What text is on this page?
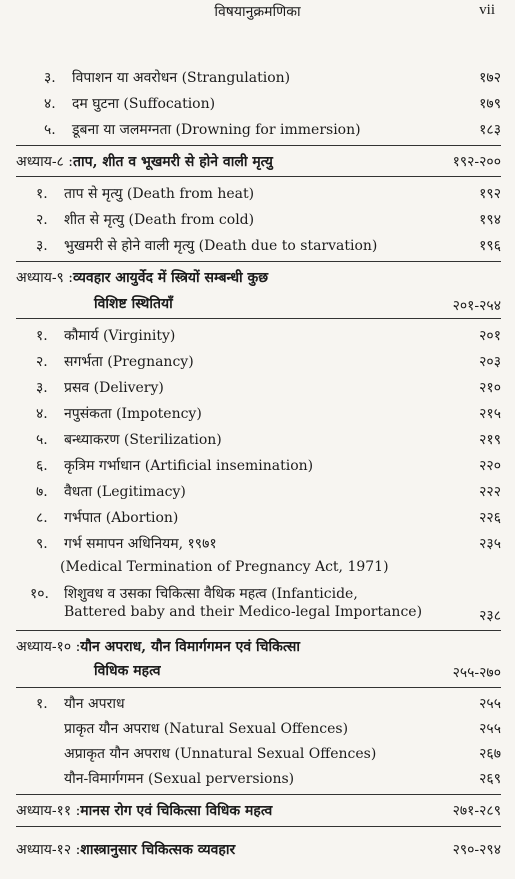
विषयानुक्रमणिका	vii
३.	विपाशन या अवरोधन (Strangulation)	१७२
४.	दम घुटना (Suffocation)	१७९
५.	डूबना या जलमग्नता (Drowning for immersion)	१८३
अध्याय-८ : ताप, शीत व भूखमरी से होने वाली मृत्यु	१९२-२००
१.	ताप से मृत्यु (Death from heat)	१९२
२.	शीत से मृत्यु (Death from cold)	१९४
३.	भुखमरी से होने वाली मृत्यु (Death due to starvation)	१९६
अध्याय-९ : व्यवहार आयुर्वेद में स्त्रियों सम्बन्धी कुछ
विशिष्ट स्थितियाँ	२०१-२५४
१.	कौमार्य (Virginity)	२०१
२.	सगर्भता (Pregnancy)	२०३
३.	प्रसव (Delivery)	२१०
४.	नपुसंकता (Impotency)	२१५
५.	बन्ध्याकरण (Sterilization)	२१९
६.	कृत्रिम गर्भाधान (Artificial insemination)	२२०
७.	वैधता (Legitimacy)	२२२
८.	गर्भपात (Abortion)	२२६
९.	गर्भ समापन अधिनियम, १९७१	२३५
(Medical Termination of Pregnancy Act, 1971)
१०.	शिशुवध व उसका चिकित्सा वैधिक महत्व (Infanticide,
Battered baby and their Medico-legal Importance)	२३८
अध्याय-१० : यौन अपराध, यौन विमार्गगमन एवं चिकित्सा
विधिक महत्व	२५५-२७०
१.	यौन अपराध	२५५
प्राकृत यौन अपराध (Natural Sexual Offences)	२५५
अप्राकृत यौन अपराध (Unnatural Sexual Offences)	२६७
यौन-विमार्गगमन (Sexual perversions)	२६९
अध्याय-११ : मानस रोग एवं चिकित्सा विधिक महत्व	२७१-२८९
अध्याय-१२ : शास्त्रानुसार चिकित्सक व्यवहार	२९०-२९४
